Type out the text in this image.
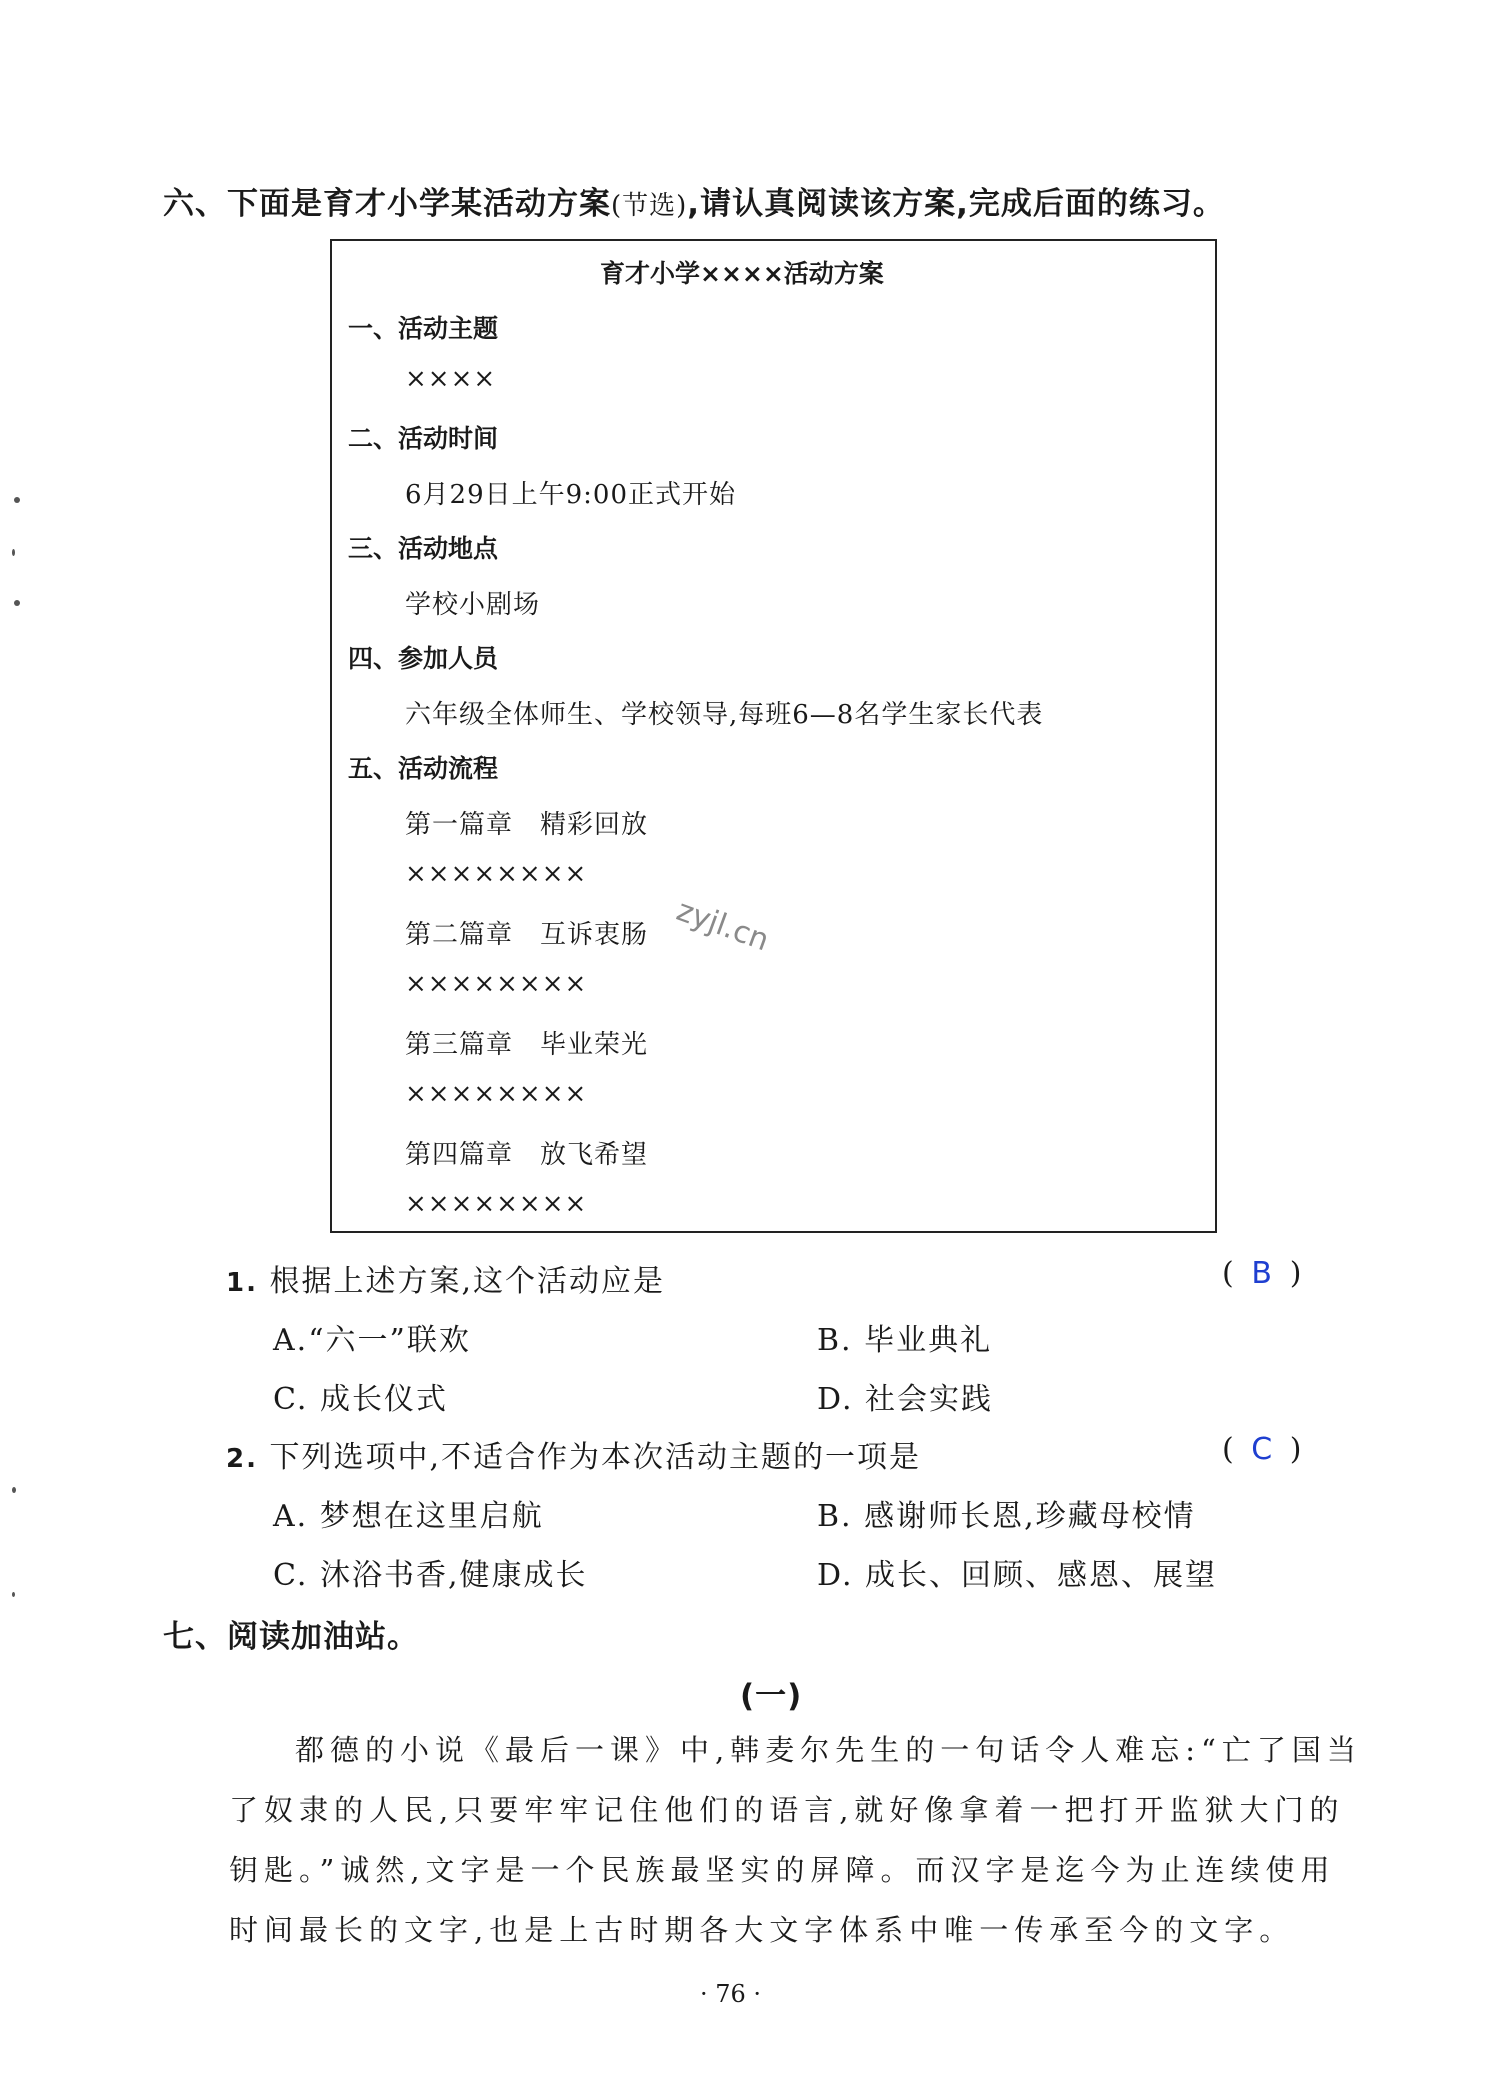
六、下面是育才小学某活动方案(节选),请认真阅读该方案,完成后面的练习。
育才小学××××活动方案
一、活动主题
××××
二、活动时间
6月29日上午9:00正式开始
三、活动地点
学校小剧场
四、参加人员
六年级全体师生、学校领导,每班6—8名学生家长代表
五、活动流程
第一篇章　精彩回放
××××××××
第二篇章　互诉衷肠
××××××××
第三篇章　毕业荣光
××××××××
第四篇章　放飞希望
××××××××
zyjl.cn
1. 根据上述方案,这个活动应是	( B )
A.“六一”联欢	B. 毕业典礼
C. 成长仪式	D. 社会实践
2. 下列选项中,不适合作为本次活动主题的一项是	( C )
A. 梦想在这里启航	B. 感谢师长恩,珍藏母校情
C. 沐浴书香,健康成长	D. 成长、回顾、感恩、展望
七、阅读加油站。
(一)
都德的小说《最后一课》中,韩麦尔先生的一句话令人难忘:“亡了国当
了奴隶的人民,只要牢牢记住他们的语言,就好像拿着一把打开监狱大门的
钥匙。”诚然,文字是一个民族最坚实的屏障。而汉字是迄今为止连续使用
时间最长的文字,也是上古时期各大文字体系中唯一传承至今的文字。
· 76 ·
